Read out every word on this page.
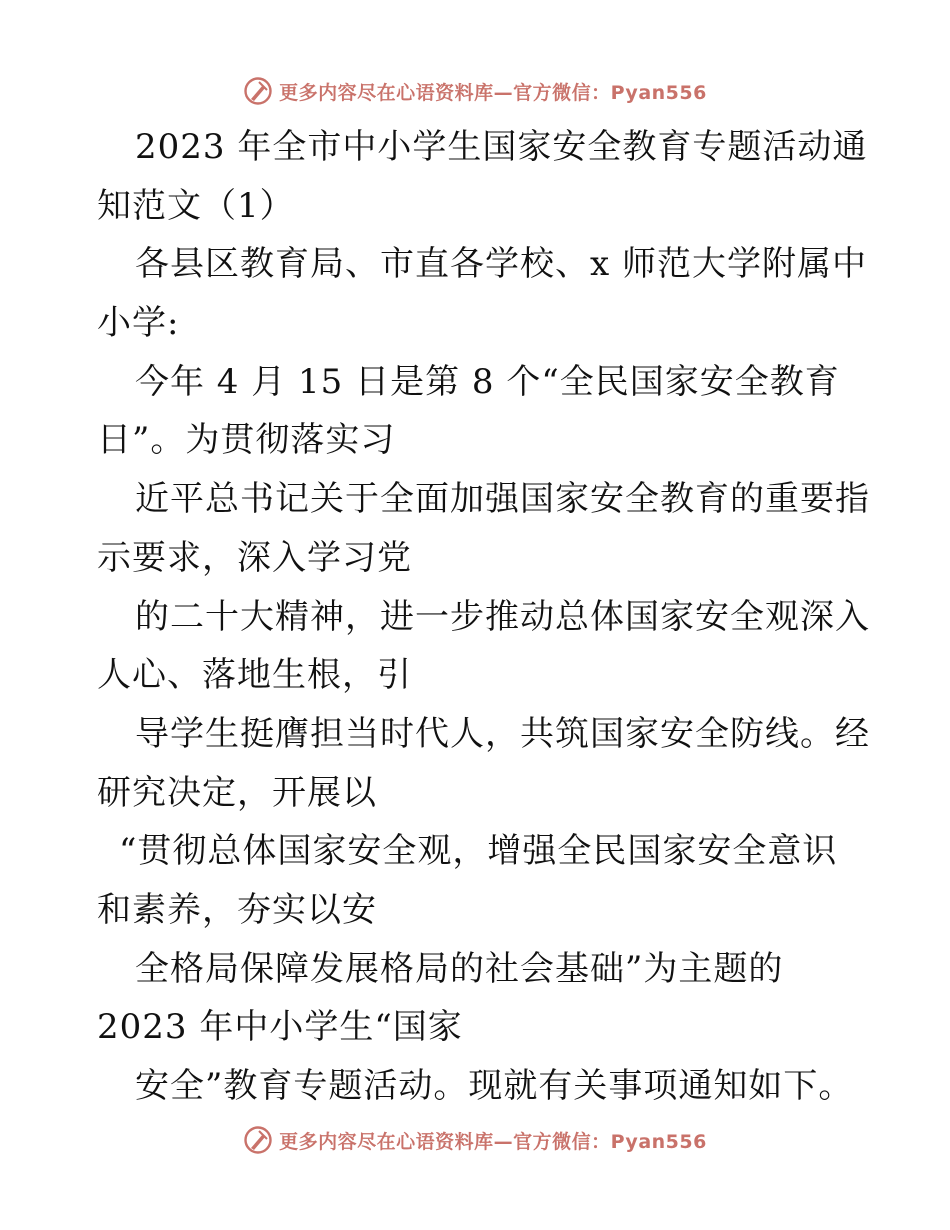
更多内容尽在心语资料库—官方微信：Pyan556
2023 年全市中小学生国家安全教育专题活动通
知范文（1）
各县区教育局、市直各学校、x 师范大学附属中
小学:
今年 4 月 15 日是第 8 个“全民国家安全教育
日”。为贯彻落实习
近平总书记关于全面加强国家安全教育的重要指
示要求，深入学习党
的二十大精神，进一步推动总体国家安全观深入
人心、落地生根，引
导学生挺膺担当时代人，共筑国家安全防线。经
研究决定，开展以
“贯彻总体国家安全观，增强全民国家安全意识
和素养，夯实以安
全格局保障发展格局的社会基础”为主题的
2023 年中小学生“国家
安全”教育专题活动。现就有关事项通知如下。
更多内容尽在心语资料库—官方微信：Pyan556
